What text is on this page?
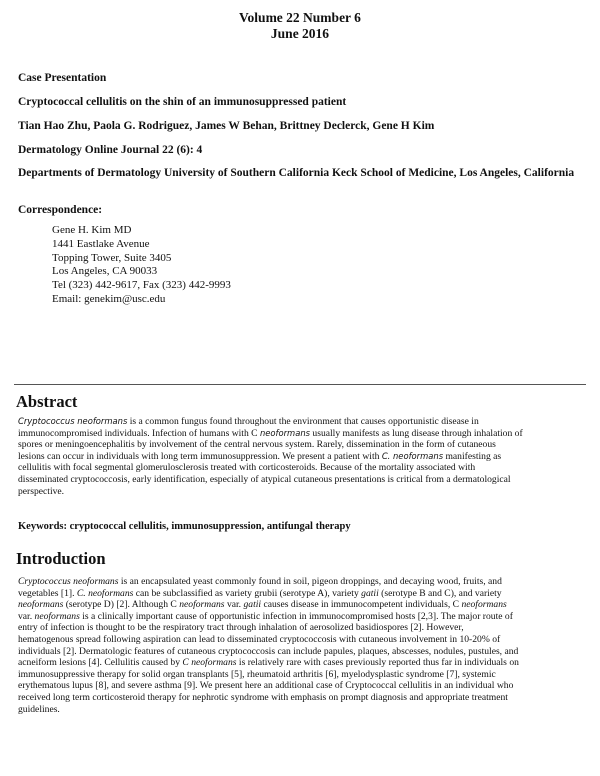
Volume 22 Number 6
June 2016
Case Presentation
Cryptococcal cellulitis on the shin of an immunosuppressed patient
Tian Hao Zhu, Paola G. Rodriguez, James W Behan, Brittney Declerck, Gene H Kim
Dermatology Online Journal 22 (6): 4
Departments of Dermatology University of Southern California Keck School of Medicine, Los Angeles, California
Correspondence:
Gene H. Kim MD
1441 Eastlake Avenue
Topping Tower, Suite 3405
Los Angeles, CA 90033
Tel (323) 442-9617, Fax (323) 442-9993
Email: genekim@usc.edu
Abstract
Cryptococcus neoformans is a common fungus found throughout the environment that causes opportunistic disease in
immunocompromised individuals. Infection of humans with C neoformans usually manifests as lung disease through inhalation of
spores or meningoencephalitis by involvement of the central nervous system. Rarely, dissemination in the form of cutaneous
lesions can occur in individuals with long term immunosuppression. We present a patient with C. neoformans manifesting as
cellulitis with focal segmental glomerulosclerosis treated with corticosteroids. Because of the mortality associated with
disseminated cryptococcosis, early identification, especially of atypical cutaneous presentations is critical from a dermatological
perspective.
Keywords: cryptococcal cellulitis, immunosuppression, antifungal therapy
Introduction
Cryptococcus neoformans is an encapsulated yeast commonly found in soil, pigeon droppings, and decaying wood, fruits, and
vegetables [1]. C. neoformans can be subclassified as variety grubii (serotype A), variety gatii (serotype B and C), and variety
neoformans (serotype D) [2]. Although C neoformans var. gatii causes disease in immunocompetent individuals, C neoformans
var. neoformans is a clinically important cause of opportunistic infection in immunocompromised hosts [2,3]. The major route of
entry of infection is thought to be the respiratory tract through inhalation of aerosolized basidiospores [2]. However,
hematogenous spread following aspiration can lead to disseminated cryptococcosis with cutaneous involvement in 10-20% of
individuals [2]. Dermatologic features of cutaneous cryptococcosis can include papules, plaques, abscesses, nodules, pustules, and
acneiform lesions [4]. Cellulitis caused by C neoformans is relatively rare with cases previously reported thus far in individuals on
immunosuppressive therapy for solid organ transplants [5], rheumatoid arthritis [6], myelodysplastic syndrome [7], systemic
erythematous lupus [8], and severe asthma [9]. We present here an additional case of Cryptococcal cellulitis in an individual who
received long term corticosteroid therapy for nephrotic syndrome with emphasis on prompt diagnosis and appropriate treatment
guidelines.
